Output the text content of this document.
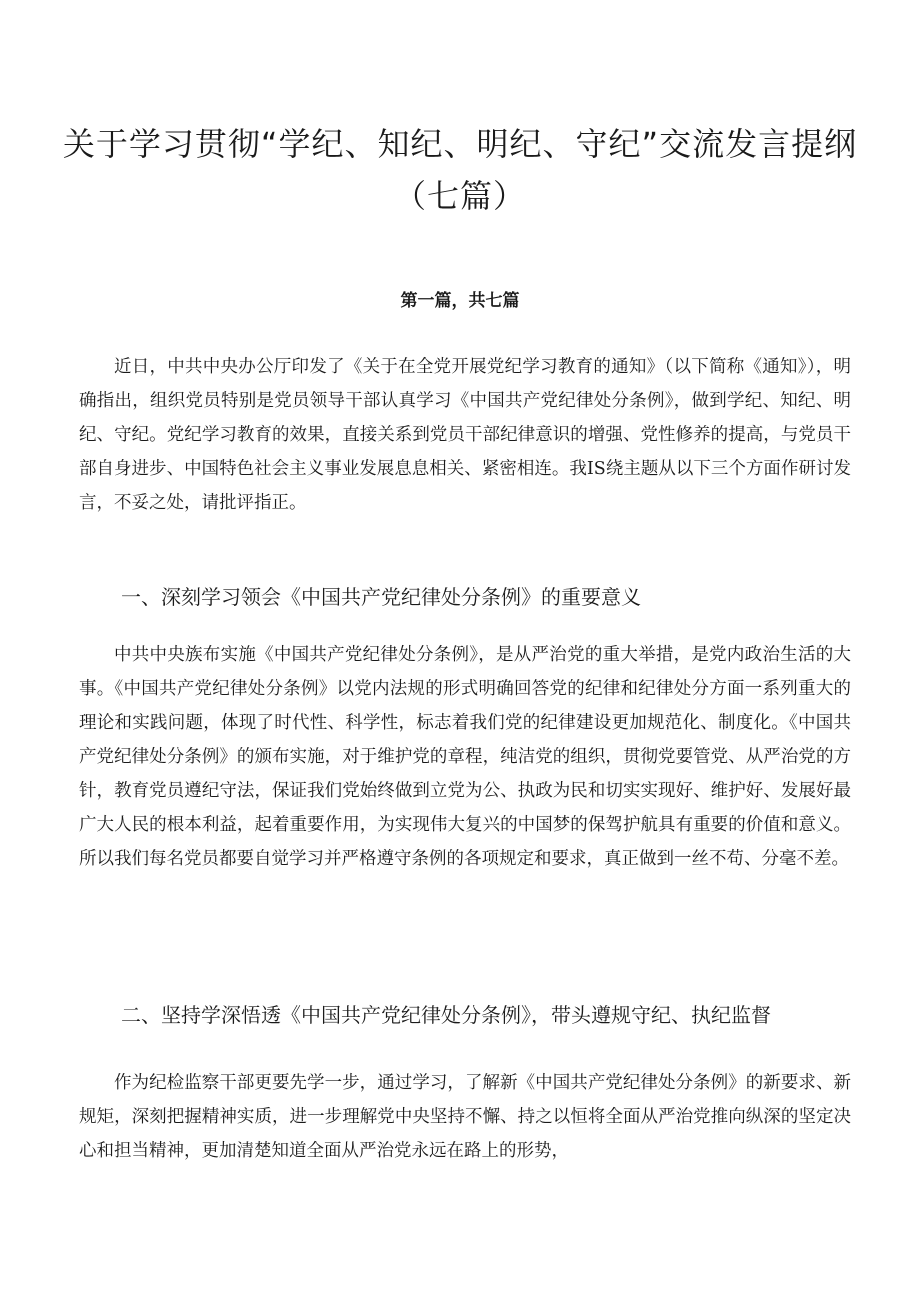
关于学习贯彻“学纪、知纪、明纪、守纪”交流发言提纲（七篇）

第一篇，共七篇

近日，中共中央办公厅印发了《关于在全党开展党纪学习教育的通知》（以下简称《通知》），明确指出，组织党员特别是党员领导干部认真学习《中国共产党纪律处分条例》，做到学纪、知纪、明纪、守纪。党纪学习教育的效果，直接关系到党员干部纪律意识的增强、党性修养的提高，与党员干部自身进步、中国特色社会主义事业发展息息相关、紧密相连。我IS绕主题从以下三个方面作研讨发言，不妥之处，请批评指正。

一、深刻学习领会《中国共产党纪律处分条例》的重要意义

中共中央族布实施《中国共产党纪律处分条例》，是从严治党的重大举措，是党内政治生活的大事。《中国共产党纪律处分条例》以党内法规的形式明确回答党的纪律和纪律处分方面一系列重大的理论和实践问题，体现了时代性、科学性，标志着我们党的纪律建设更加规范化、制度化。《中国共产党纪律处分条例》的颁布实施，对于维护党的章程，纯洁党的组织，贯彻党要管党、从严治党的方针，教育党员遵纪守法，保证我们党始终做到立党为公、执政为民和切实实现好、维护好、发展好最广大人民的根本利益，起着重要作用，为实现伟大复兴的中国梦的保驾护航具有重要的价值和意义。所以我们每名党员都要自觉学习并严格遵守条例的各项规定和要求，真正做到一丝不苟、分毫不差。

二、坚持学深悟透《中国共产党纪律处分条例》，带头遵规守纪、执纪监督

作为纪检监察干部更要先学一步，通过学习，了解新《中国共产党纪律处分条例》的新要求、新规矩，深刻把握精神实质，进一步理解党中央坚持不懈、持之以恒将全面从严治党推向纵深的坚定决心和担当精神，更加清楚知道全面从严治党永远在路上的形势，
